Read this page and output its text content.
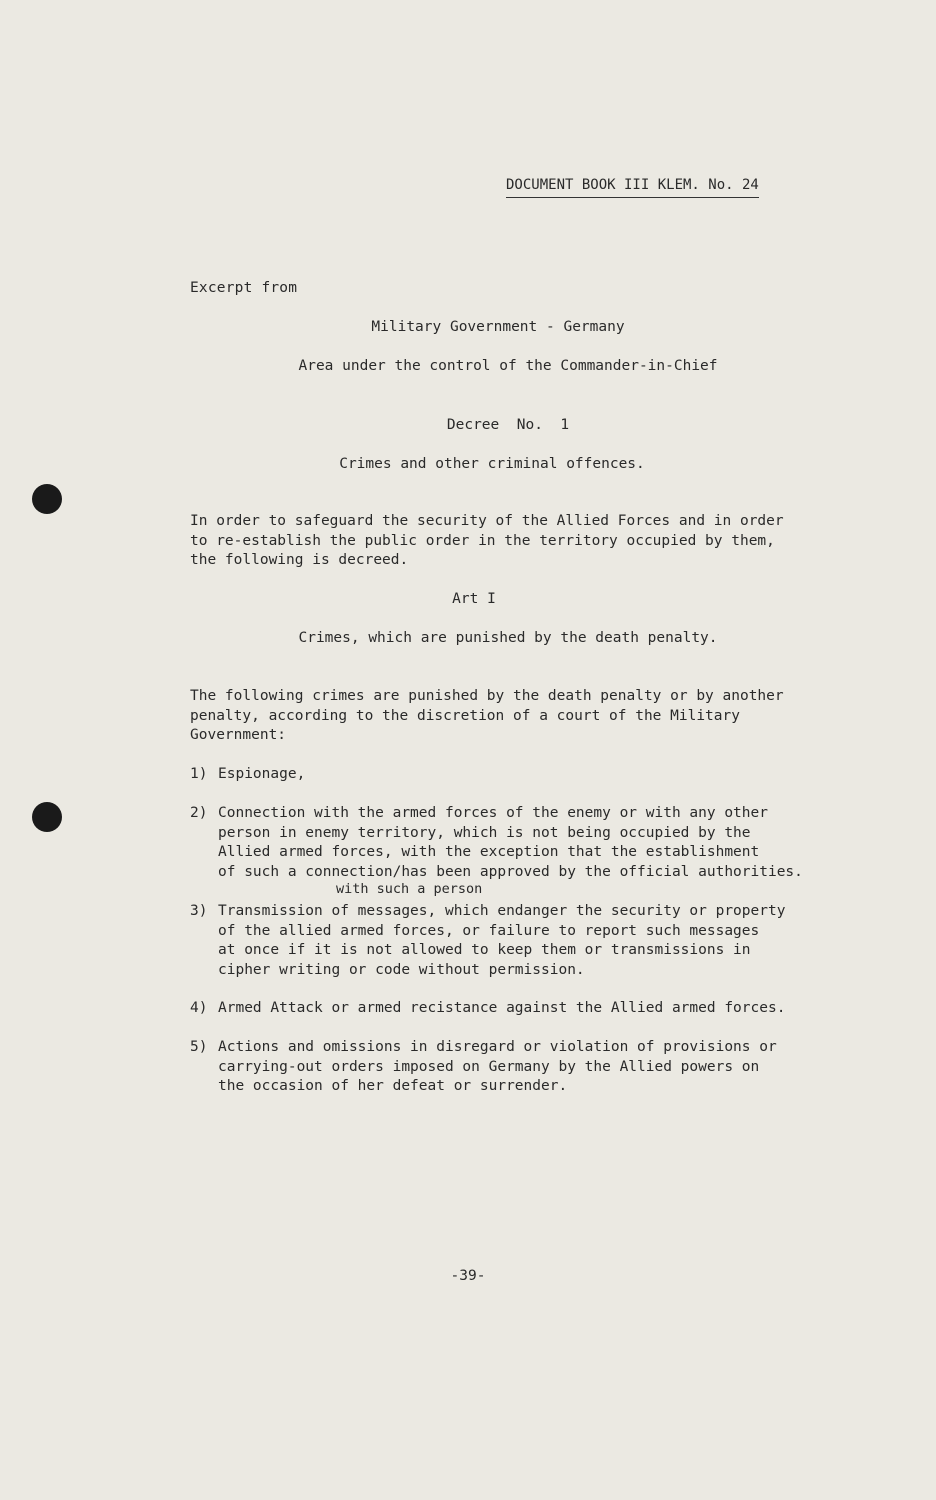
DOCUMENT BOOK III KLEM. No. 24
Excerpt from
Military Government - Germany
Area under the control of the Commander-in-Chief
Decree  No.  1
Crimes and other criminal offences.
In order to safeguard the security of the Allied Forces and in order
to re-establish the public order in the territory occupied by them,
the following is decreed.
Art I
Crimes, which are punished by the death penalty.
The following crimes are punished by the death penalty or by another
penalty, according to the discretion of a court of the Military
Government:
1) Espionage,
2) Connection with the armed forces of the enemy or with any other
person in enemy territory, which is not being occupied by the
Allied armed forces, with the exception that the establishment
of such a connection/has been approved by the official authorities.
with such a person
3) Transmission of messages, which endanger the security or property
of the allied armed forces, or failure to report such messages
at once if it is not allowed to keep them or transmissions in
cipher writing or code without permission.
4) Armed Attack or armed recistance against the Allied armed forces.
5) Actions and omissions in disregard or violation of provisions or
carrying-out orders imposed on Germany by the Allied powers on
the occasion of her defeat or surrender.
-39-
